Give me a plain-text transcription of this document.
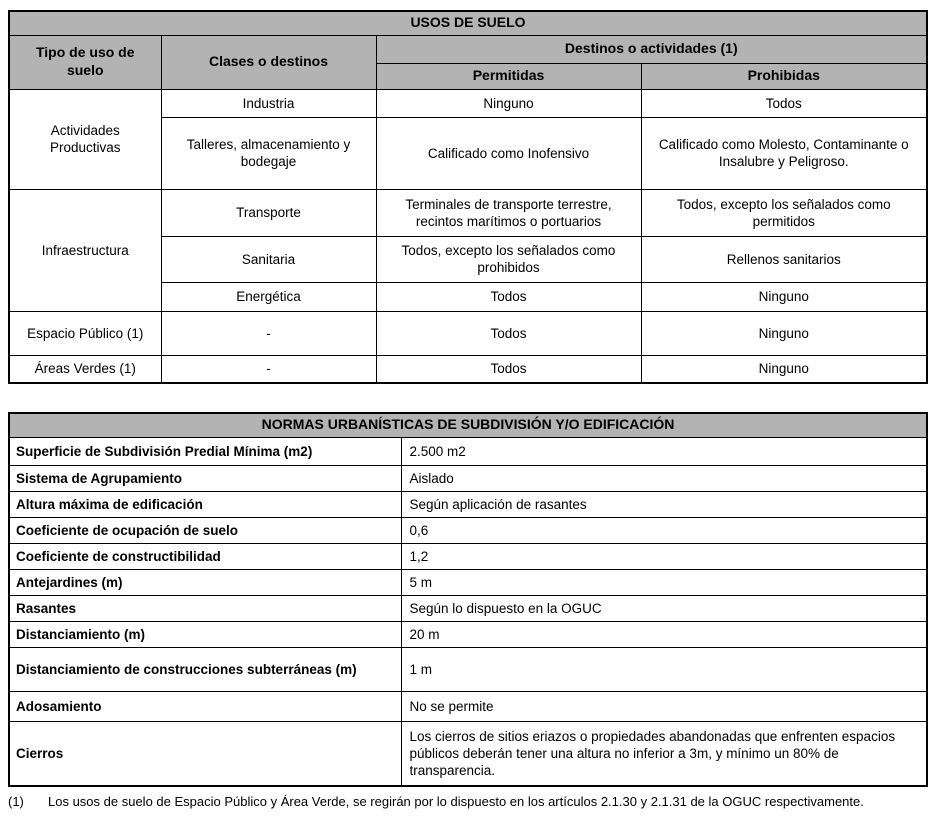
USOS DE SUELO			
Tipo de uso de suelo	Clases o destinos	Destinos o actividades (1)	
		Permitidas	Prohibidas
Actividades Productivas	Industria	Ninguno	Todos
	Talleres, almacenamiento y bodegaje	Calificado como Inofensivo	Calificado como Molesto, Contaminante o Insalubre y Peligroso.
Infraestructura	Transporte	Terminales de transporte terrestre, recintos marítimos o portuarios	Todos, excepto los señalados como permitidos
	Sanitaria	Todos, excepto los señalados como prohibidos	Rellenos sanitarios
	Energética	Todos	Ninguno
Espacio Público (1)	-	Todos	Ninguno
Áreas Verdes (1)	-	Todos	Ninguno
NORMAS URBANÍSTICAS DE SUBDIVISIÓN Y/O EDIFICACIÓN	
Superficie de Subdivisión Predial Mínima (m2)	2.500 m2
Sistema de Agrupamiento	Aislado
Altura máxima de edificación	Según aplicación de rasantes
Coeficiente de ocupación de suelo	0,6
Coeficiente de constructibilidad	1,2
Antejardines (m)	5 m
Rasantes	Según lo dispuesto en la OGUC
Distanciamiento (m)	20 m
Distanciamiento de construcciones subterráneas (m)	1 m
Adosamiento	No se permite
Cierros	Los cierros de sitios eriazos o propiedades abandonadas que enfrenten espacios públicos deberán tener una altura no inferior a 3m, y mínimo un 80% de transparencia.
(1)	Los usos de suelo de Espacio Público y Área Verde, se regirán por lo dispuesto en los artículos 2.1.30 y 2.1.31 de la OGUC respectivamente.
